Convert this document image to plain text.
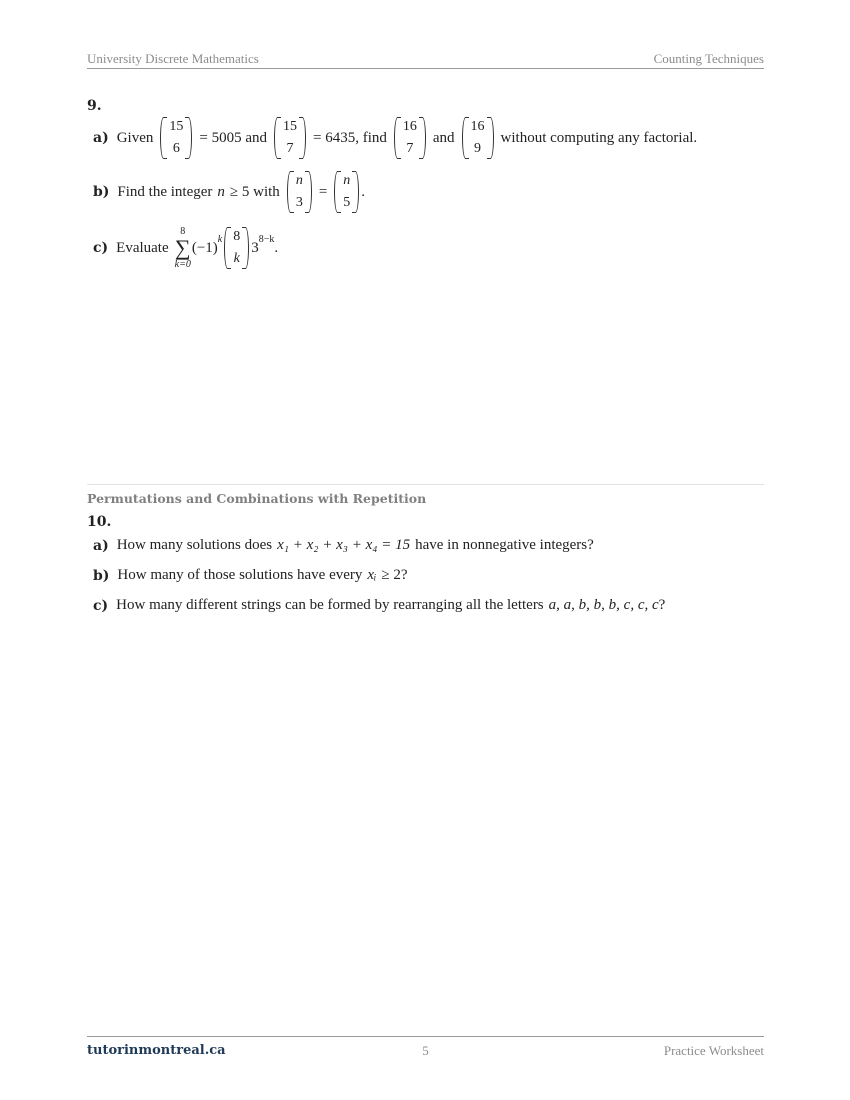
University Discrete Mathematics	Counting Techniques
9.
a) Given
15
6
= 5005 and
15
7
= 6435, find
16
7
and
16
9
without computing any factorial.
b) Find the integer n ≥ 5 with
n
3
=
n
5
.
c) Evaluate
8
∑
k=0
$(-1)^k$ 8
k
$3^{8-k}$ .
Permutations and Combinations with Repetition
10.
a) How many solutions does x₁ + x₂ + x₃ + x₄ = 15 have in nonnegative integers?
b) How many of those solutions have every xᵢ ≥ 2?
c) How many different strings can be formed by rearranging all the letters a, a, b, b, b, c, c, c ?
tutorinmontreal.ca	5	Practice Worksheet
